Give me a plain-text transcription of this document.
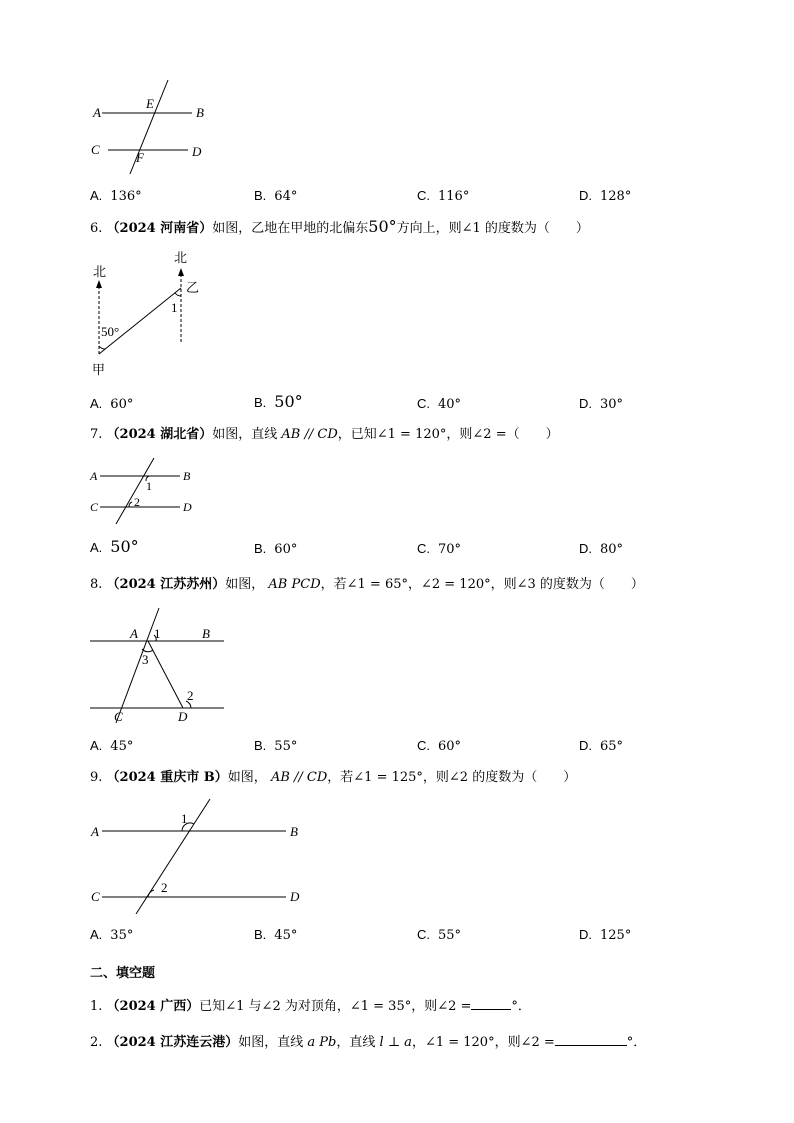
A
E
B
C
F	D
A. 136°	B. 64°	C. 116°	D. 128°
6. （2024 河南省）如图，乙地在甲地的北偏东50°方向上，则∠1 的度数为（　　）
北
北
乙
1
50°
甲
A. 60°	B. 50°	C. 40°	D. 30°
7. （2024 湖北省）如图，直线 AB // CD，已知∠1 = 120°，则∠2 =（　　）
A	B
1
2
C	D
A. 50°	B. 60°	C. 70°	D. 80°
8. （2024 江苏苏州）如图， AB PCD，若∠1 = 65°，∠2 = 120°，则∠3 的度数为（　　）
A 1	B
3
2
C	D
A. 45°	B. 55°	C. 60°	D. 65°
9. （2024 重庆市 B）如图， AB // CD，若∠1 = 125°，则∠2 的度数为（　　）
A
1
B
C
2
D
A. 35°	B. 45°	C. 55°	D. 125°
二、填空题
1. （2024 广西）已知∠1 与∠2 为对顶角，∠1 = 35°，则∠2 =	°．
2. （2024 江苏连云港）如图，直线 a Pb，直线 l ⊥ a，∠1 = 120°，则∠2 =	°．
